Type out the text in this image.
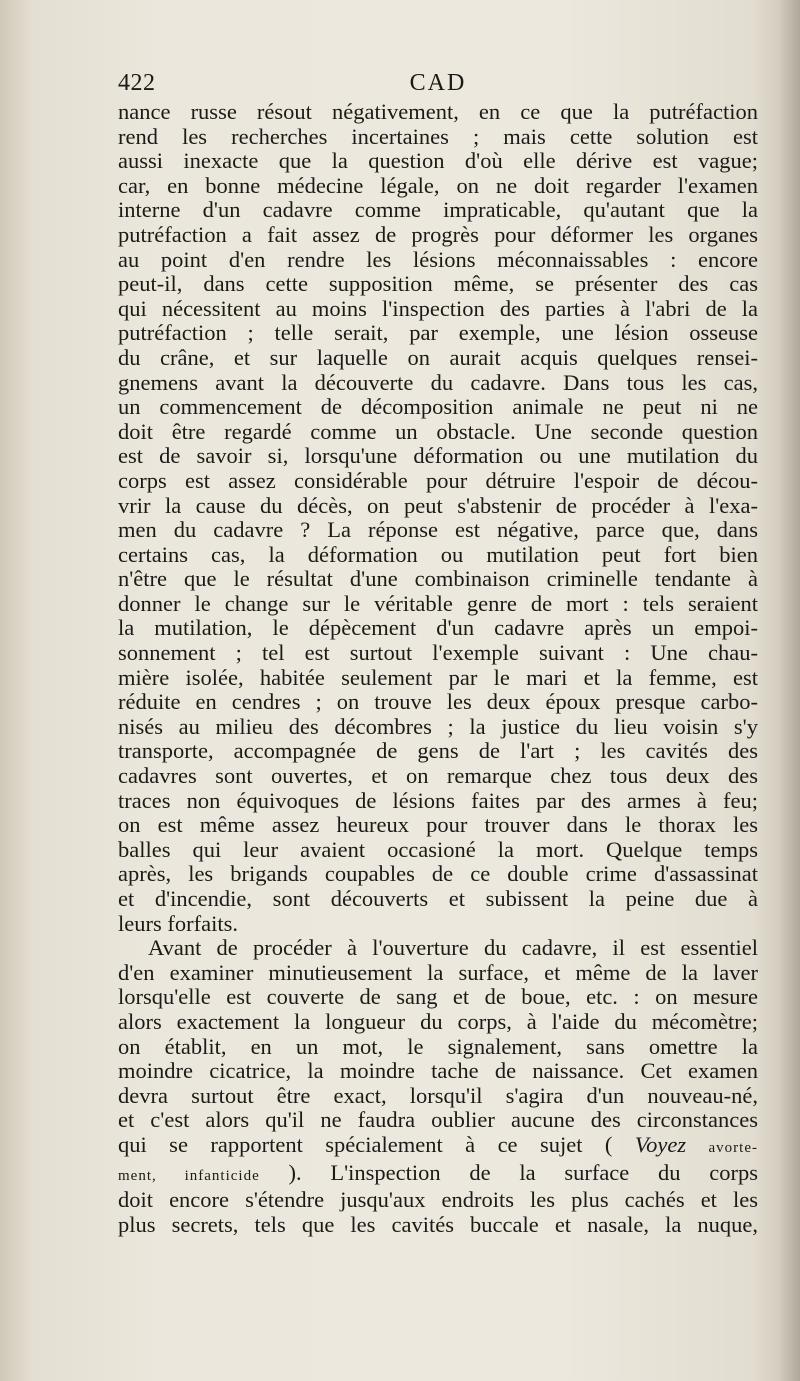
422	CAD
nance russe résout négativement, en ce que la putréfaction
rend les recherches incertaines ; mais cette solution est
aussi inexacte que la question d'où elle dérive est vague;
car, en bonne médecine légale, on ne doit regarder l'examen
interne d'un cadavre comme impraticable, qu'autant que la
putréfaction a fait assez de progrès pour déformer les organes
au point d'en rendre les lésions méconnaissables : encore
peut-il, dans cette supposition même, se présenter des cas
qui nécessitent au moins l'inspection des parties à l'abri de la
putréfaction ; telle serait, par exemple, une lésion osseuse
du crâne, et sur laquelle on aurait acquis quelques rensei-
gnemens avant la découverte du cadavre. Dans tous les cas,
un commencement de décomposition animale ne peut ni ne
doit être regardé comme un obstacle. Une seconde question
est de savoir si, lorsqu'une déformation ou une mutilation du
corps est assez considérable pour détruire l'espoir de décou-
vrir la cause du décès, on peut s'abstenir de procéder à l'exa-
men du cadavre ? La réponse est négative, parce que, dans
certains cas, la déformation ou mutilation peut fort bien
n'être que le résultat d'une combinaison criminelle tendante à
donner le change sur le véritable genre de mort : tels seraient
la mutilation, le dépècement d'un cadavre après un empoi-
sonnement ; tel est surtout l'exemple suivant : Une chau-
mière isolée, habitée seulement par le mari et la femme, est
réduite en cendres ; on trouve les deux époux presque carbo-
nisés au milieu des décombres ; la justice du lieu voisin s'y
transporte, accompagnée de gens de l'art ; les cavités des
cadavres sont ouvertes, et on remarque chez tous deux des
traces non équivoques de lésions faites par des armes à feu;
on est même assez heureux pour trouver dans le thorax les
balles qui leur avaient occasioné la mort. Quelque temps
après, les brigands coupables de ce double crime d'assassinat
et d'incendie, sont découverts et subissent la peine due à
leurs forfaits.
Avant de procéder à l'ouverture du cadavre, il est essentiel
d'en examiner minutieusement la surface, et même de la laver
lorsqu'elle est couverte de sang et de boue, etc. : on mesure
alors exactement la longueur du corps, à l'aide du mécomètre;
on établit, en un mot, le signalement, sans omettre la
moindre cicatrice, la moindre tache de naissance. Cet examen
devra surtout être exact, lorsqu'il s'agira d'un nouveau-né,
et c'est alors qu'il ne faudra oublier aucune des circonstances
qui se rapportent spécialement à ce sujet ( Voyez avorte-
ment, infanticide ). L'inspection de la surface du corps
doit encore s'étendre jusqu'aux endroits les plus cachés et les
plus secrets, tels que les cavités buccale et nasale, la nuque,
